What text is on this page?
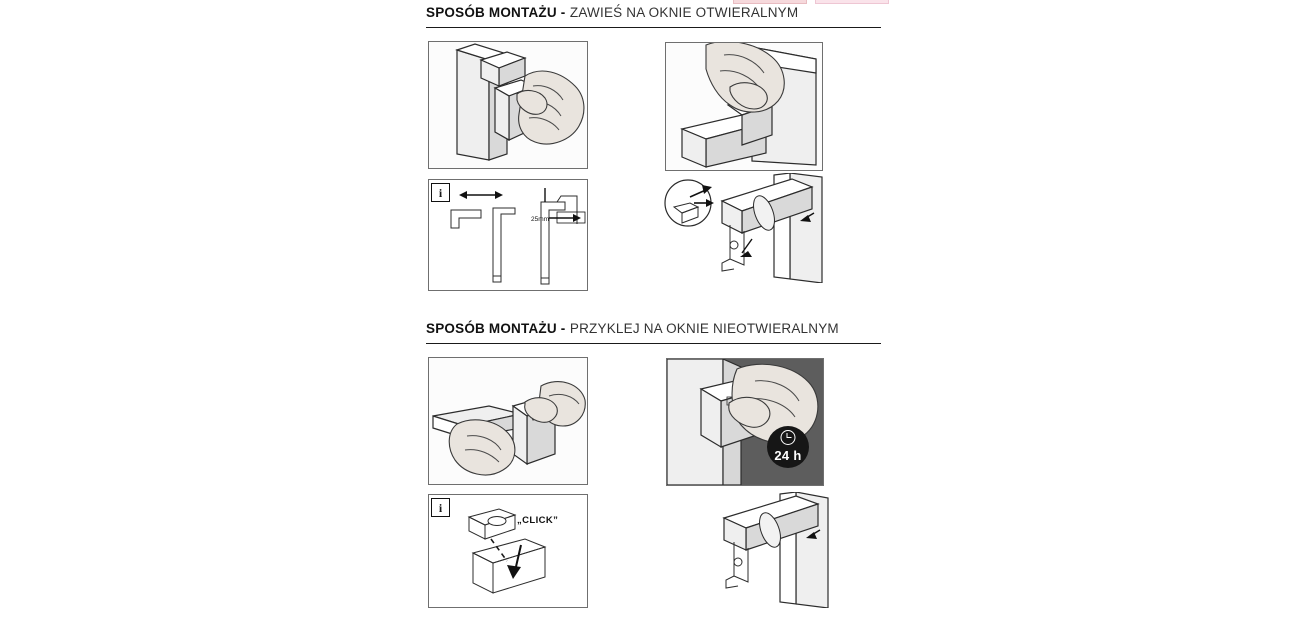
SPOSÓB MONTAŻU - ZAWIEŚ NA OKNIE OTWIERALNYM
25mm
i
SPOSÓB MONTAŻU - PRZYKLEJ NA OKNIE NIEOTWIERALNYM
24 h
„CLICK”
i
